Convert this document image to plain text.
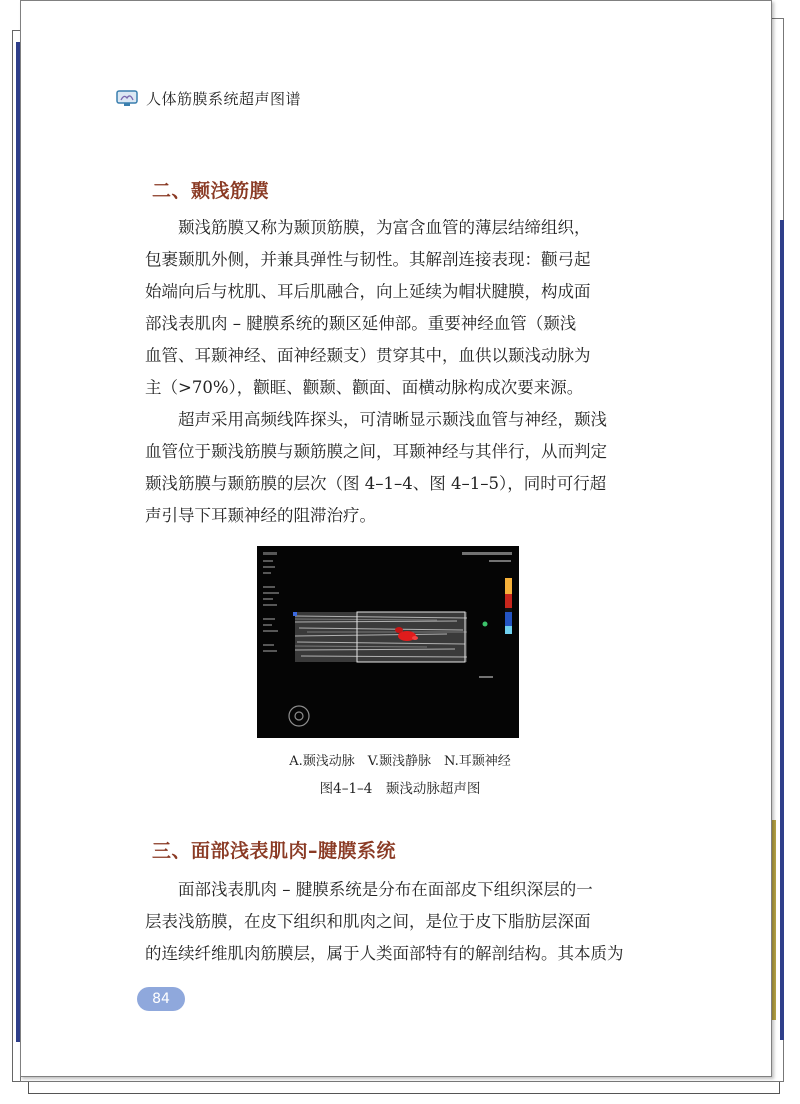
人体筋膜系统超声图谱
二、颞浅筋膜

颞浅筋膜又称为颞顶筋膜，为富含血管的薄层结缔组织，
包裹颞肌外侧，并兼具弹性与韧性。其解剖连接表现：颧弓起
始端向后与枕肌、耳后肌融合，向上延续为帽状腱膜，构成面
部浅表肌肉 – 腱膜系统的颞区延伸部。重要神经血管（颞浅
血管、耳颞神经、面神经颞支）贯穿其中，血供以颞浅动脉为
主（>70%），颧眶、颧颞、颧面、面横动脉构成次要来源。

超声采用高频线阵探头，可清晰显示颞浅血管与神经，颞浅
血管位于颞浅筋膜与颞筋膜之间，耳颞神经与其伴行，从而判定
颞浅筋膜与颞筋膜的层次（图 4–1–4、图 4–1–5），同时可行超
声引导下耳颞神经的阻滞治疗。

A.颞浅动脉　V.颞浅静脉　N.耳颞神经
图4–1–4　颞浅动脉超声图
三、面部浅表肌肉–腱膜系统

面部浅表肌肉 – 腱膜系统是分布在面部皮下组织深层的一
层表浅筋膜，在皮下组织和肌肉之间，是位于皮下脂肪层深面
的连续纤维肌肉筋膜层，属于人类面部特有的解剖结构。其本质为

84
